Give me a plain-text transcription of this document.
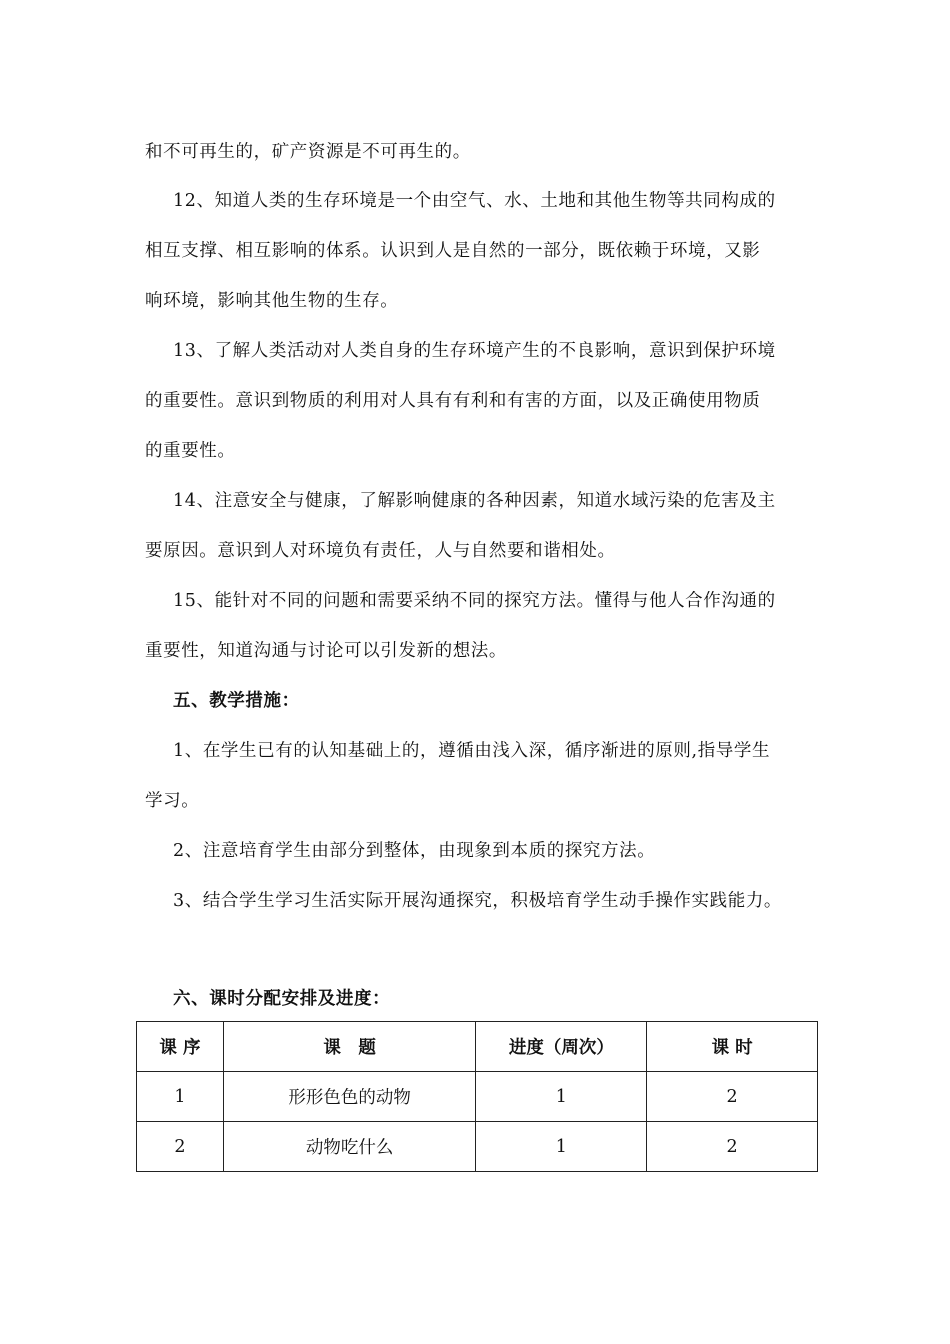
和不可再生的，矿产资源是不可再生的。
12、知道人类的生存环境是一个由空气、水、土地和其他生物等共同构成的
相互支撑、相互影响的体系。认识到人是自然的一部分，既依赖于环境，又影
响环境，影响其他生物的生存。
13、了解人类活动对人类自身的生存环境产生的不良影响，意识到保护环境
的重要性。意识到物质的利用对人具有有利和有害的方面，以及正确使用物质
的重要性。
14、注意安全与健康，了解影响健康的各种因素，知道水域污染的危害及主
要原因。意识到人对环境负有责任，人与自然要和谐相处。
15、能针对不同的问题和需要采纳不同的探究方法。懂得与他人合作沟通的
重要性，知道沟通与讨论可以引发新的想法。
五、教学措施：
1、在学生已有的认知基础上的，遵循由浅入深，循序渐进的原则,指导学生
学习。
2、注意培育学生由部分到整体，由现象到本质的探究方法。
3、结合学生学习生活实际开展沟通探究，积极培育学生动手操作实践能力。
六、课时分配安排及进度：
课 序	课　题	进度（周次）	课 时
1	形形色色的动物	1	2
2	动物吃什么	1	2
